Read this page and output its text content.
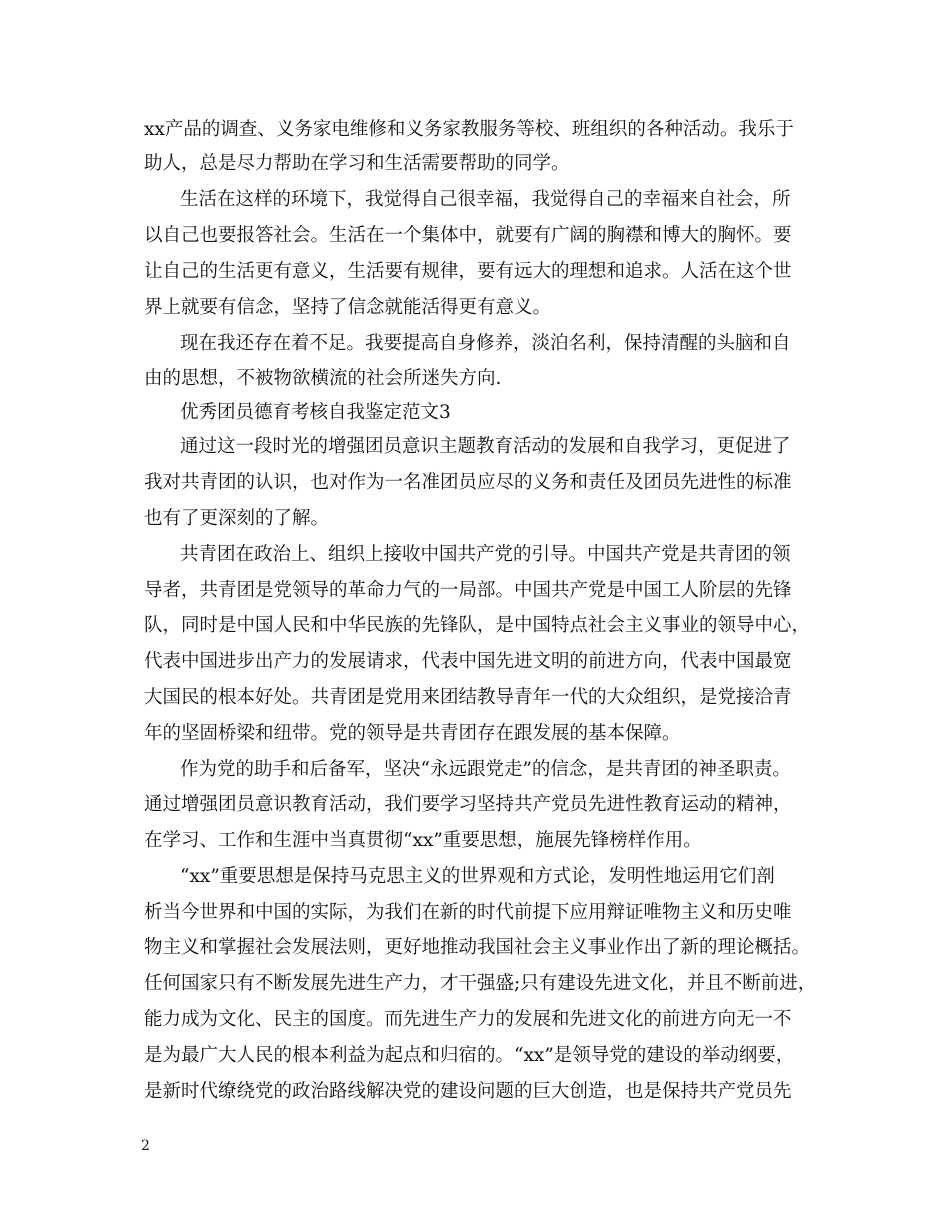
xx产品的调查、义务家电维修和义务家教服务等校、班组织的各种活动。我乐于
助人，总是尽力帮助在学习和生活需要帮助的同学。
生活在这样的环境下，我觉得自己很幸福，我觉得自己的幸福来自社会，所
以自己也要报答社会。生活在一个集体中，就要有广阔的胸襟和博大的胸怀。要
让自己的生活更有意义，生活要有规律，要有远大的理想和追求。人活在这个世
界上就要有信念，坚持了信念就能活得更有意义。
现在我还存在着不足。我要提高自身修养，淡泊名利，保持清醒的头脑和自
由的思想，不被物欲横流的社会所迷失方向.
优秀团员德育考核自我鉴定范文3
通过这一段时光的增强团员意识主题教育活动的发展和自我学习，更促进了
我对共青团的认识，也对作为一名准团员应尽的义务和责任及团员先进性的标准
也有了更深刻的了解。
共青团在政治上、组织上接收中国共产党的引导。中国共产党是共青团的领
导者，共青团是党领导的革命力气的一局部。中国共产党是中国工人阶层的先锋
队，同时是中国人民和中华民族的先锋队，是中国特点社会主义事业的领导中心，
代表中国进步出产力的发展请求，代表中国先进文明的前进方向，代表中国最宽
大国民的根本好处。共青团是党用来团结教导青年一代的大众组织，是党接洽青
年的坚固桥梁和纽带。党的领导是共青团存在跟发展的基本保障。
作为党的助手和后备军，坚决“永远跟党走”的信念，是共青团的神圣职责。
通过增强团员意识教育活动，我们要学习坚持共产党员先进性教育运动的精神，
在学习、工作和生涯中当真贯彻“xx”重要思想，施展先锋榜样作用。
“xx”重要思想是保持马克思主义的世界观和方式论，发明性地运用它们剖
析当今世界和中国的实际，为我们在新的时代前提下应用辩证唯物主义和历史唯
物主义和掌握社会发展法则，更好地推动我国社会主义事业作出了新的理论概括。
任何国家只有不断发展先进生产力，才干强盛;只有建设先进文化，并且不断前进，
能力成为文化、民主的国度。而先进生产力的发展和先进文化的前进方向无一不
是为最广大人民的根本利益为起点和归宿的。“xx”是领导党的建设的举动纲要，
是新时代缭绕党的政治路线解决党的建设问题的巨大创造，也是保持共产党员先
2
